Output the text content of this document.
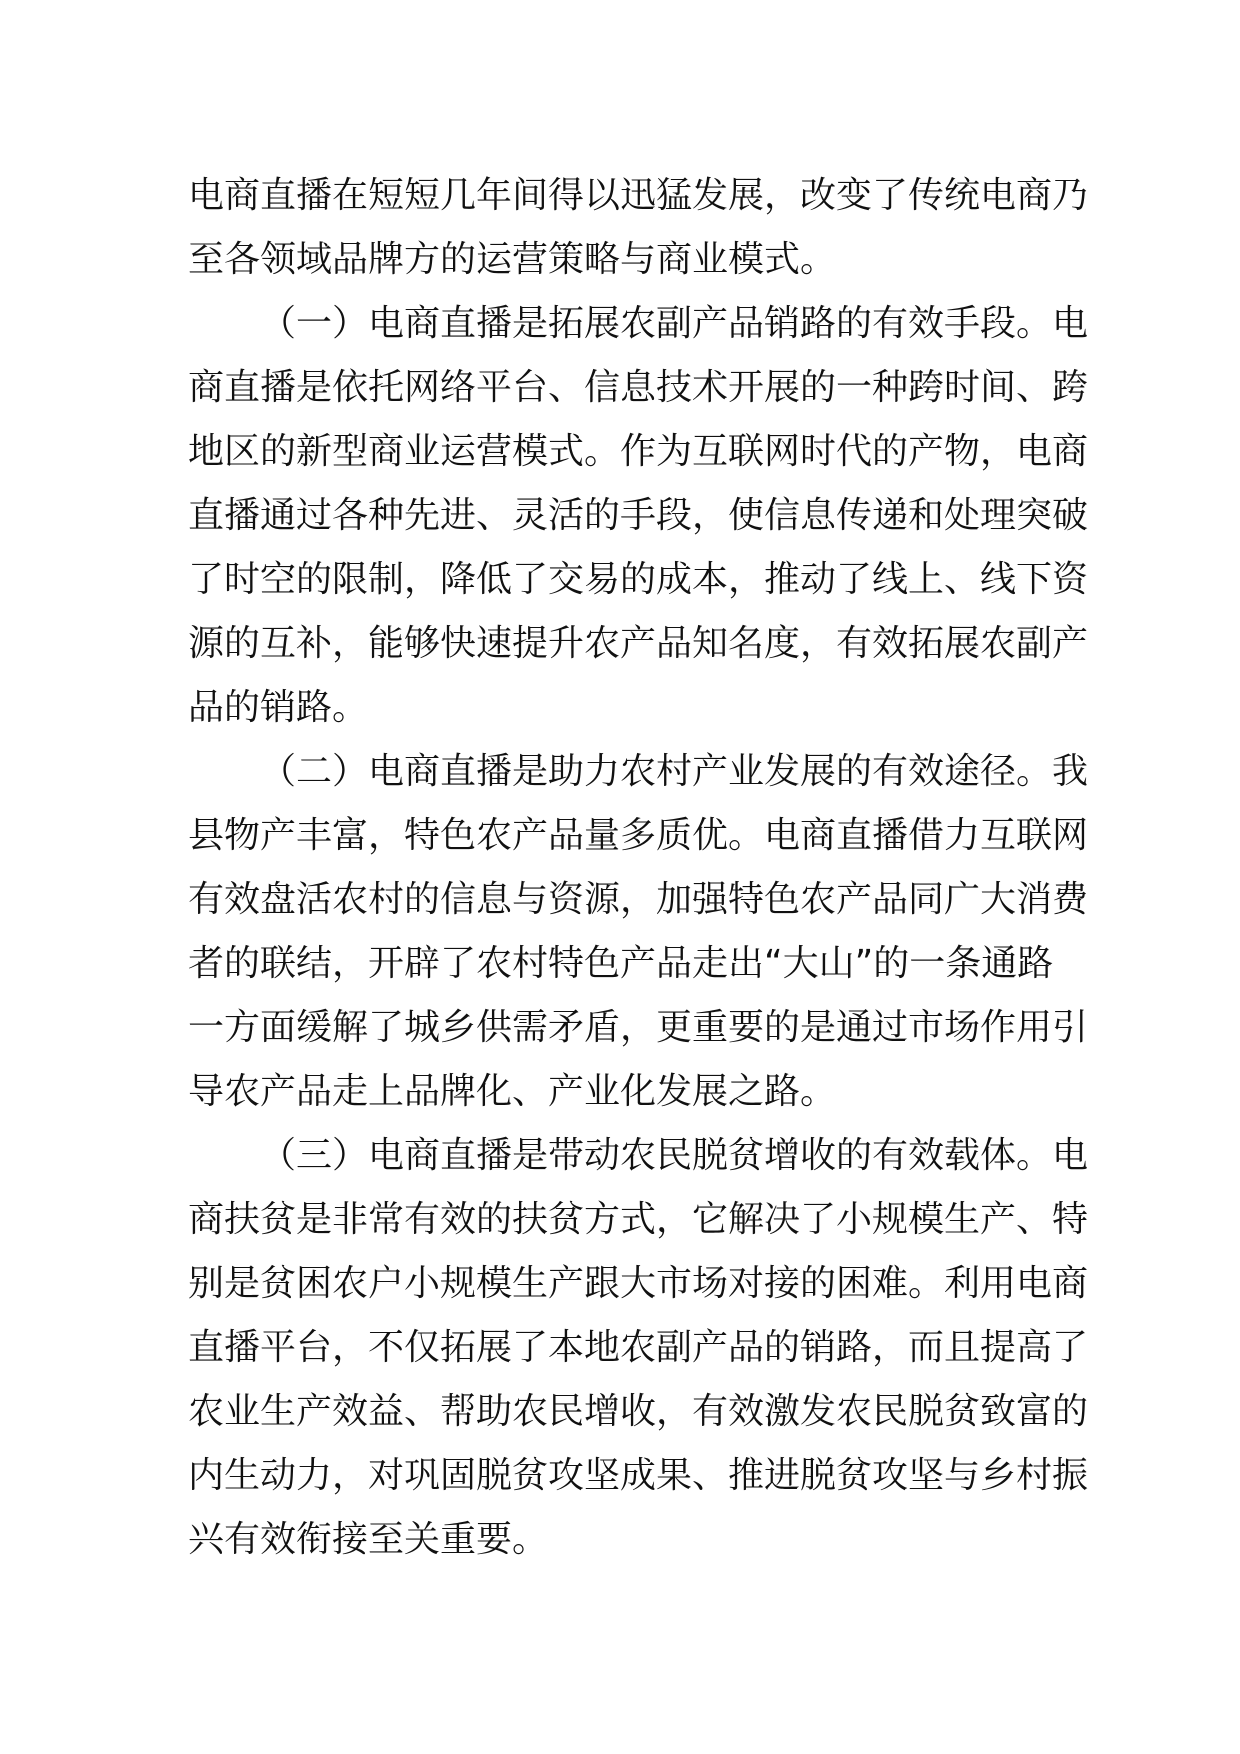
电商直播在短短几年间得以迅猛发展，改变了传统电商乃
至各领域品牌方的运营策略与商业模式。
（一）电商直播是拓展农副产品销路的有效手段。电
商直播是依托网络平台、信息技术开展的一种跨时间、跨
地区的新型商业运营模式。作为互联网时代的产物，电商
直播通过各种先进、灵活的手段，使信息传递和处理突破
了时空的限制，降低了交易的成本，推动了线上、线下资
源的互补，能够快速提升农产品知名度，有效拓展农副产
品的销路。
（二）电商直播是助力农村产业发展的有效途径。我
县物产丰富，特色农产品量多质优。电商直播借力互联网
有效盘活农村的信息与资源，加强特色农产品同广大消费
者的联结，开辟了农村特色产品走出“大山”的一条通路
一方面缓解了城乡供需矛盾，更重要的是通过市场作用引
导农产品走上品牌化、产业化发展之路。
（三）电商直播是带动农民脱贫增收的有效载体。电
商扶贫是非常有效的扶贫方式，它解决了小规模生产、特
别是贫困农户小规模生产跟大市场对接的困难。利用电商
直播平台，不仅拓展了本地农副产品的销路，而且提高了
农业生产效益、帮助农民增收，有效激发农民脱贫致富的
内生动力，对巩固脱贫攻坚成果、推进脱贫攻坚与乡村振
兴有效衔接至关重要。
